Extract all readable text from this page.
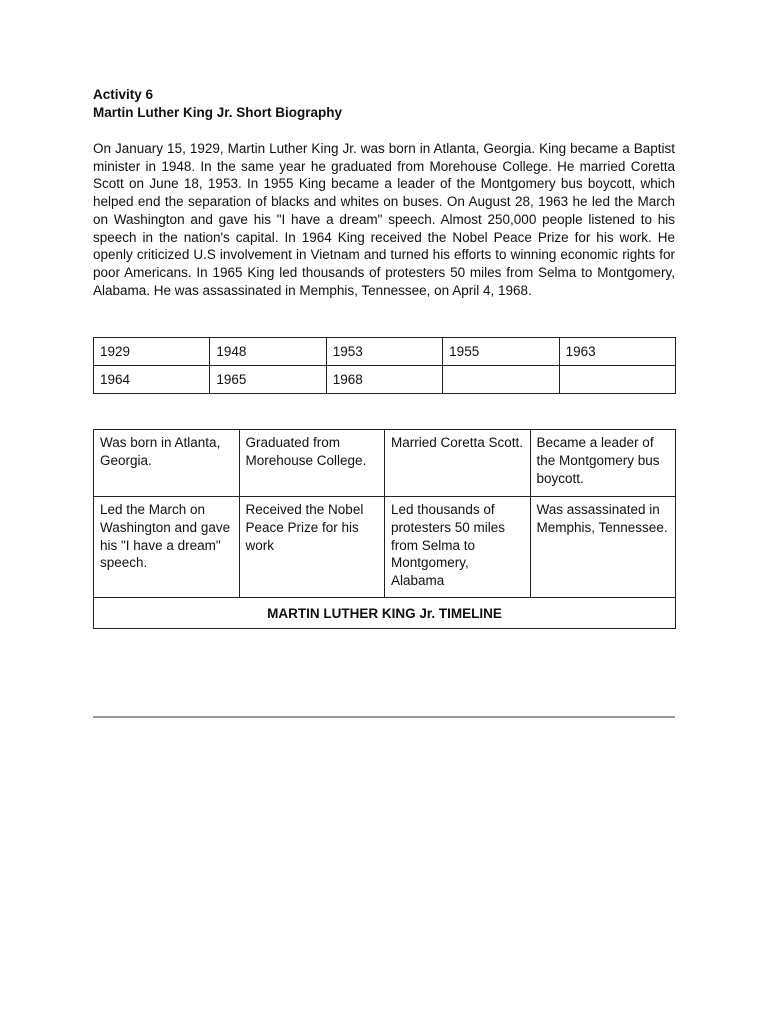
Activity 6

Martin Luther King Jr. Short Biography

On January 15, 1929, Martin Luther King Jr. was born in Atlanta, Georgia. King became a Baptist minister in 1948. In the same year he graduated from Morehouse College. He married Coretta Scott on June 18, 1953. In 1955 King became a leader of the Montgomery bus boycott, which helped end the separation of blacks and whites on buses. On August 28, 1963 he led the March on Washington and gave his "I have a dream" speech. Almost 250,000 people listened to his speech in the nation's capital. In 1964 King received the Nobel Peace Prize for his work. He openly criticized U.S involvement in Vietnam and turned his efforts to winning economic rights for poor Americans. In 1965 King led thousands of protesters 50 miles from Selma to Montgomery, Alabama. He was assassinated in Memphis, Tennessee, on April 4, 1968.

1929	1948	1953	1955	1963
1964	1965	1968		
Was born in Atlanta, Georgia.	Graduated from Morehouse College.	Married Coretta Scott.	Became a leader of the Montgomery bus boycott.
Led the March on Washington and gave his "I have a dream" speech.	Received the Nobel Peace Prize for his work	Led thousands of protesters 50 miles from Selma to Montgomery, Alabama	Was assassinated in Memphis, Tennessee.
MARTIN LUTHER KING Jr. TIMELINE			
